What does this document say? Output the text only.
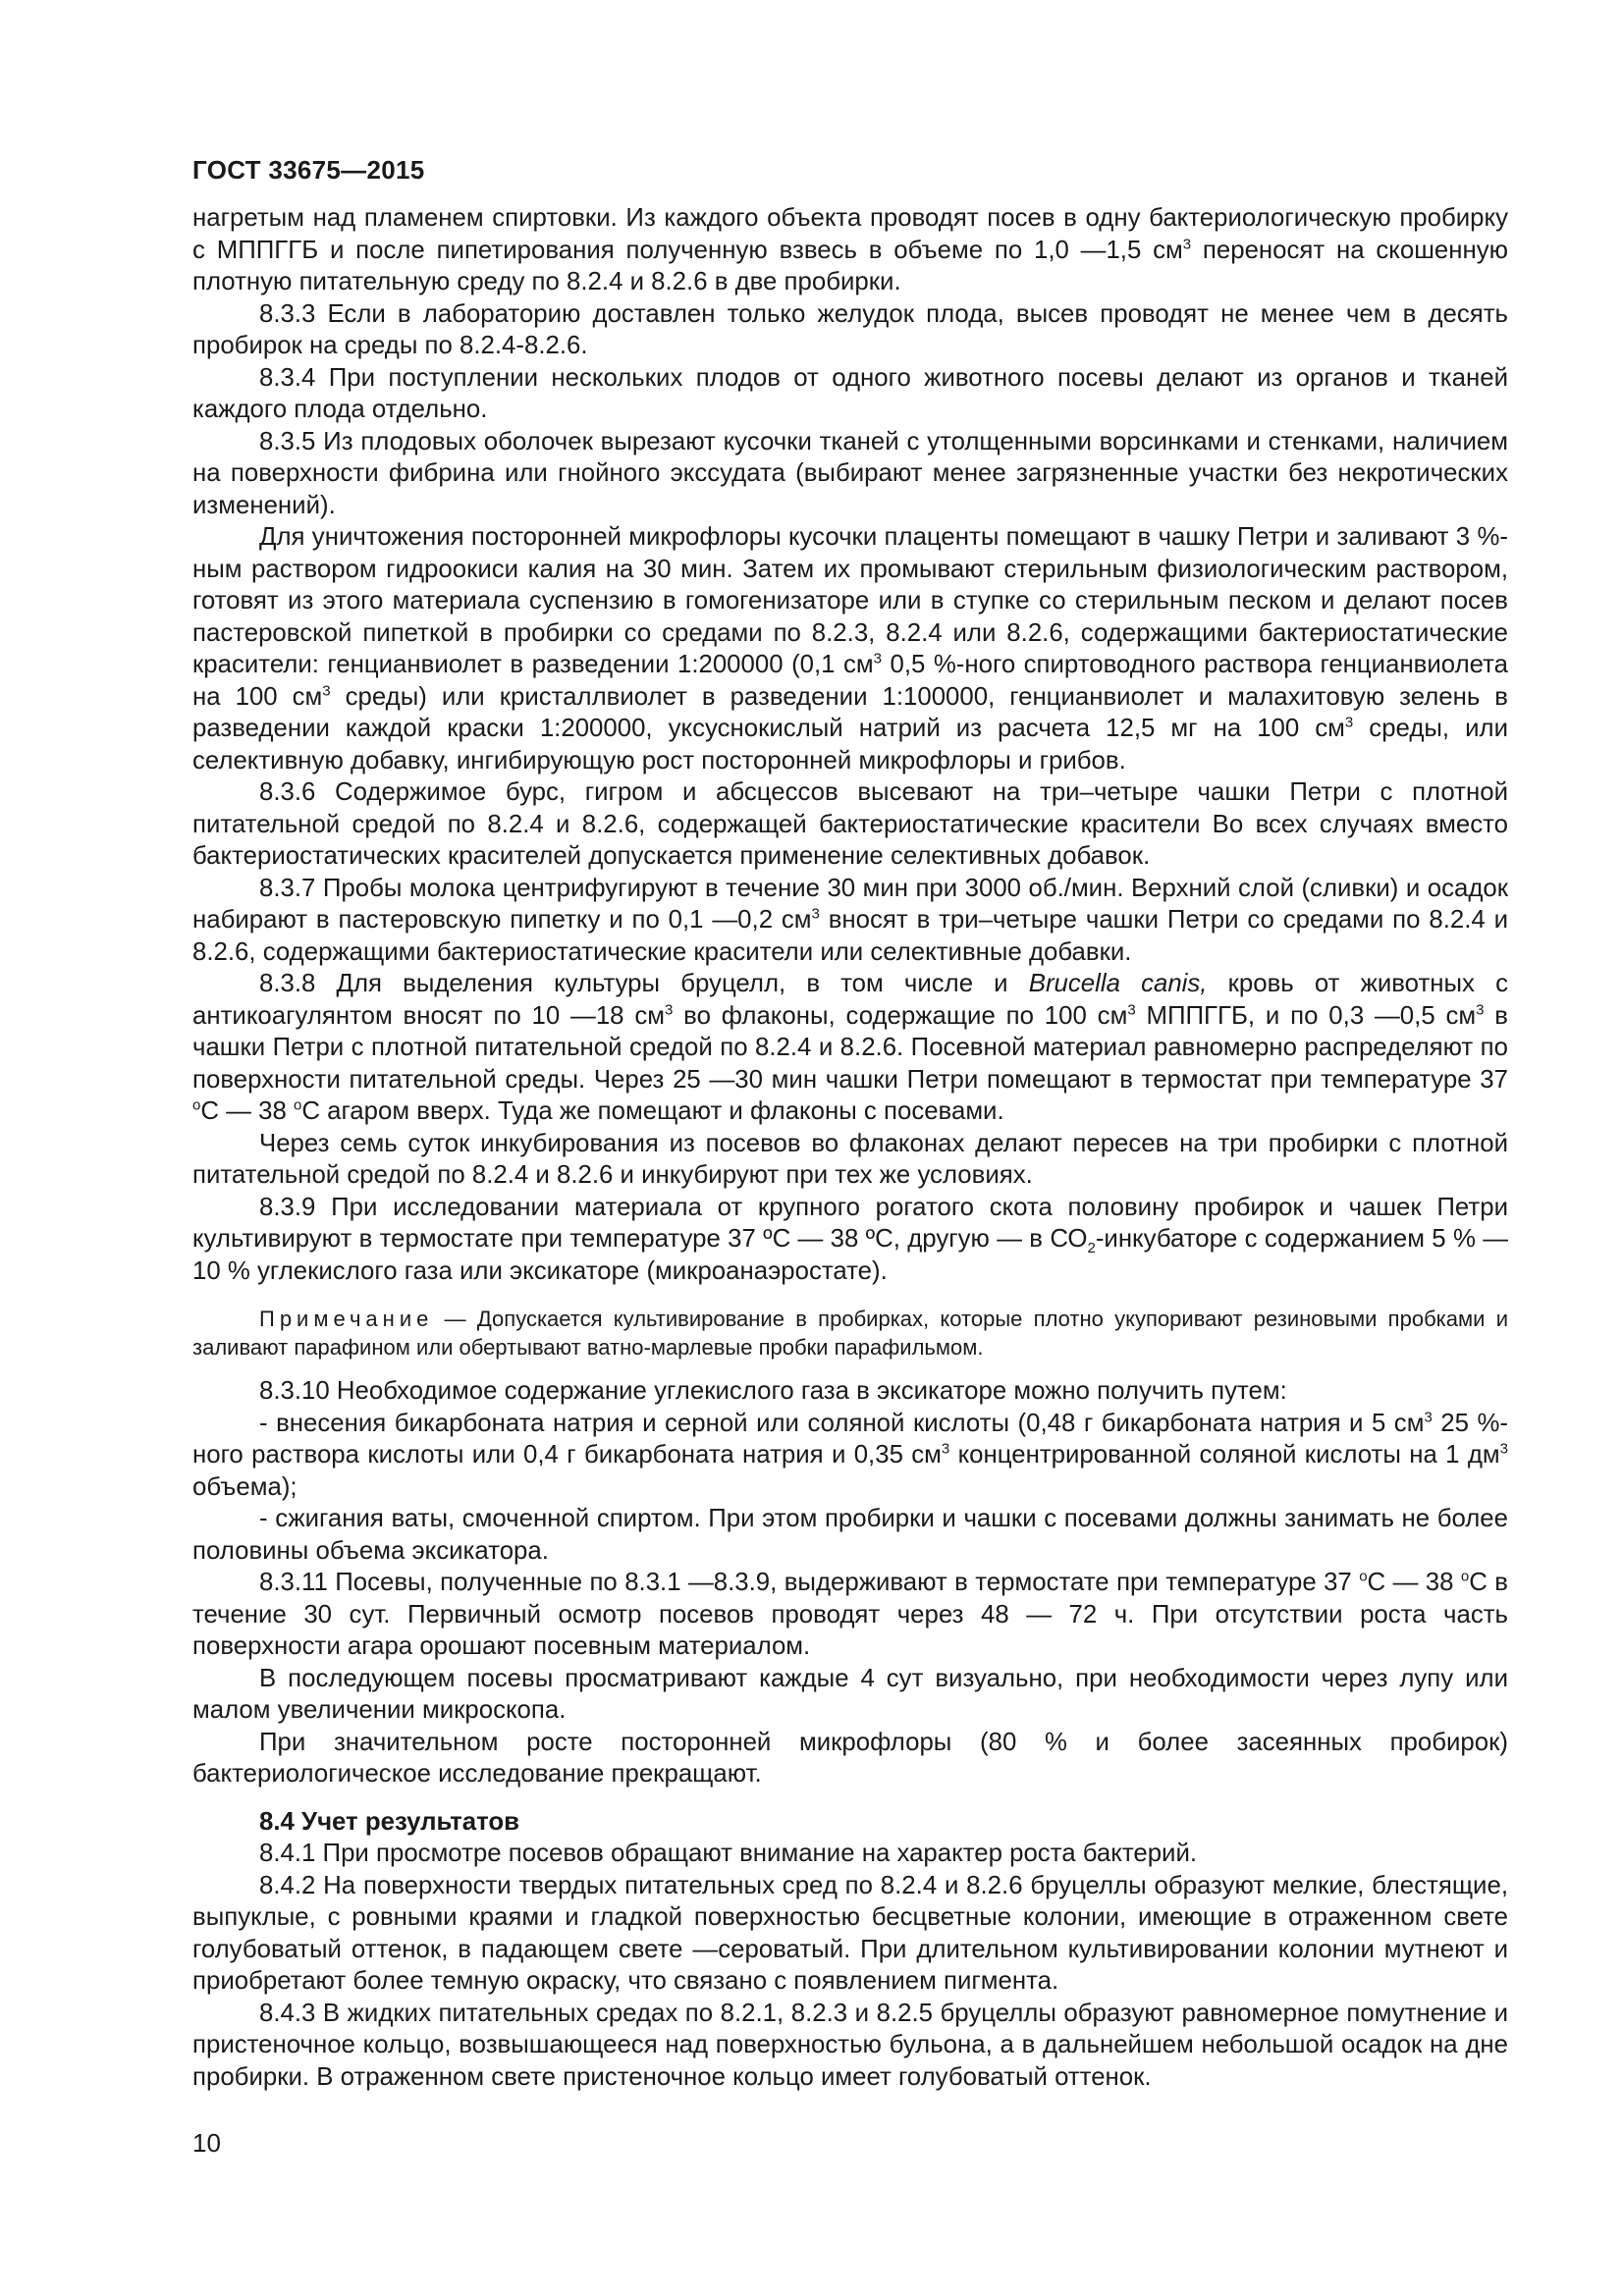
ГОСТ 33675—2015

нагретым над пламенем спиртовки. Из каждого объекта проводят посев в одну бактериологическую пробирку с МППГГБ и после пипетирования полученную взвесь в объеме по 1,0 —1,5 $см^3$ переносят на скошенную плотную питательную среду по 8.2.4 и 8.2.6 в две пробирки.

8.3.3 Если в лабораторию доставлен только желудок плода, высев проводят не менее чем в десять пробирок на среды по 8.2.4-8.2.6.

8.3.4 При поступлении нескольких плодов от одного животного посевы делают из органов и тканей каждого плода отдельно.

8.3.5 Из плодовых оболочек вырезают кусочки тканей с утолщенными ворсинками и стенками, наличием на поверхности фибрина или гнойного экссудата (выбирают менее загрязненные участки без некротических изменений).

Для уничтожения посторонней микрофлоры кусочки плаценты помещают в чашку Петри и заливают 3 %-ным раствором гидроокиси калия на 30 мин. Затем их промывают стерильным физиологическим раствором, готовят из этого материала суспензию в гомогенизаторе или в ступке со стерильным песком и делают посев пастеровской пипеткой в пробирки со средами по 8.2.3, 8.2.4 или 8.2.6, содержащими бактериостатические красители: генцианвиолет в разведении 1:200000 (0,1 $см^3$ 0,5 %-ного спиртоводного раствора генцианвиолета на 100 $см^3$ среды) или кристаллвиолет в разведении 1:100000, генцианвиолет и малахитовую зелень в разведении каждой краски 1:200000, уксуснокислый натрий из расчета 12,5 мг на 100 $см^3$ среды, или селективную добавку, ингибирующую рост посторонней микрофлоры и грибов.

8.3.6 Содержимое бурс, гигром и абсцессов высевают на три–четыре чашки Петри с плотной питательной средой по 8.2.4 и 8.2.6, содержащей бактериостатические красители Во всех случаях вместо бактериостатических красителей допускается применение селективных добавок.

8.3.7 Пробы молока центрифугируют в течение 30 мин при 3000 об./мин. Верхний слой (сливки) и осадок набирают в пастеровскую пипетку и по 0,1 —0,2 $см^3$ вносят в три–четыре чашки Петри со средами по 8.2.4 и 8.2.6, содержащими бактериостатические красители или селективные добавки.

8.3.8 Для выделения культуры бруцелл, в том числе и Brucella canis, кровь от животных с антикоагулянтом вносят по 10 —18 $см^3$ во флаконы, содержащие по 100 $см^3$ МППГГБ, и по 0,3 —0,5 $см^3$ в чашки Петри с плотной питательной средой по 8.2.4 и 8.2.6. Посевной материал равномерно распределяют по поверхности питательной среды. Через 25 —30 мин чашки Петри помещают в термостат при температуре 37 $^o$С — 38 $^o$С агаром вверх. Туда же помещают и флаконы с посевами.

Через семь суток инкубирования из посевов во флаконах делают пересев на три пробирки с плотной питательной средой по 8.2.4 и 8.2.6 и инкубируют при тех же условиях.

8.3.9 При исследовании материала от крупного рогатого скота половину пробирок и чашек Петри культивируют в термостате при температуре 37 ºС — 38 ºС, другую — в $СО_2$-инкубаторе с содержанием 5 % — 10 % углекислого газа или эксикаторе (микроанаэростате).

Примечание — Допускается культивирование в пробирках, которые плотно укупоривают резиновыми пробками и заливают парафином или обертывают ватно-марлевые пробки парафильмом.

8.3.10 Необходимое содержание углекислого газа в эксикаторе можно получить путем:

- внесения бикарбоната натрия и серной или соляной кислоты (0,48 г бикарбоната натрия и 5 $см^3$ 25 %-ного раствора кислоты или 0,4 г бикарбоната натрия и 0,35 $см^3$ концентрированной соляной кислоты на 1 $дм^3$ объема);

- сжигания ваты, смоченной спиртом. При этом пробирки и чашки с посевами должны занимать не более половины объема эксикатора.

8.3.11 Посевы, полученные по 8.3.1 —8.3.9, выдерживают в термостате при температуре 37 $^o$С — 38 $^o$С в течение 30 сут. Первичный осмотр посевов проводят через 48 — 72 ч. При отсутствии роста часть поверхности агара орошают посевным материалом.

В последующем посевы просматривают каждые 4 сут визуально, при необходимости через лупу или малом увеличении микроскопа.

При значительном росте посторонней микрофлоры (80 % и более засеянных пробирок) бактериологическое исследование прекращают.

8.4 Учет результатов

8.4.1 При просмотре посевов обращают внимание на характер роста бактерий.

8.4.2 На поверхности твердых питательных сред по 8.2.4 и 8.2.6 бруцеллы образуют мелкие, блестящие, выпуклые, с ровными краями и гладкой поверхностью бесцветные колонии, имеющие в отраженном свете голубоватый оттенок, в падающем свете —сероватый. При длительном культивировании колонии мутнеют и приобретают более темную окраску, что связано с появлением пигмента.

8.4.3 В жидких питательных средах по 8.2.1, 8.2.3 и 8.2.5 бруцеллы образуют равномерное помутнение и пристеночное кольцо, возвышающееся над поверхностью бульона, а в дальнейшем небольшой осадок на дне пробирки. В отраженном свете пристеночное кольцо имеет голубоватый оттенок.

10
